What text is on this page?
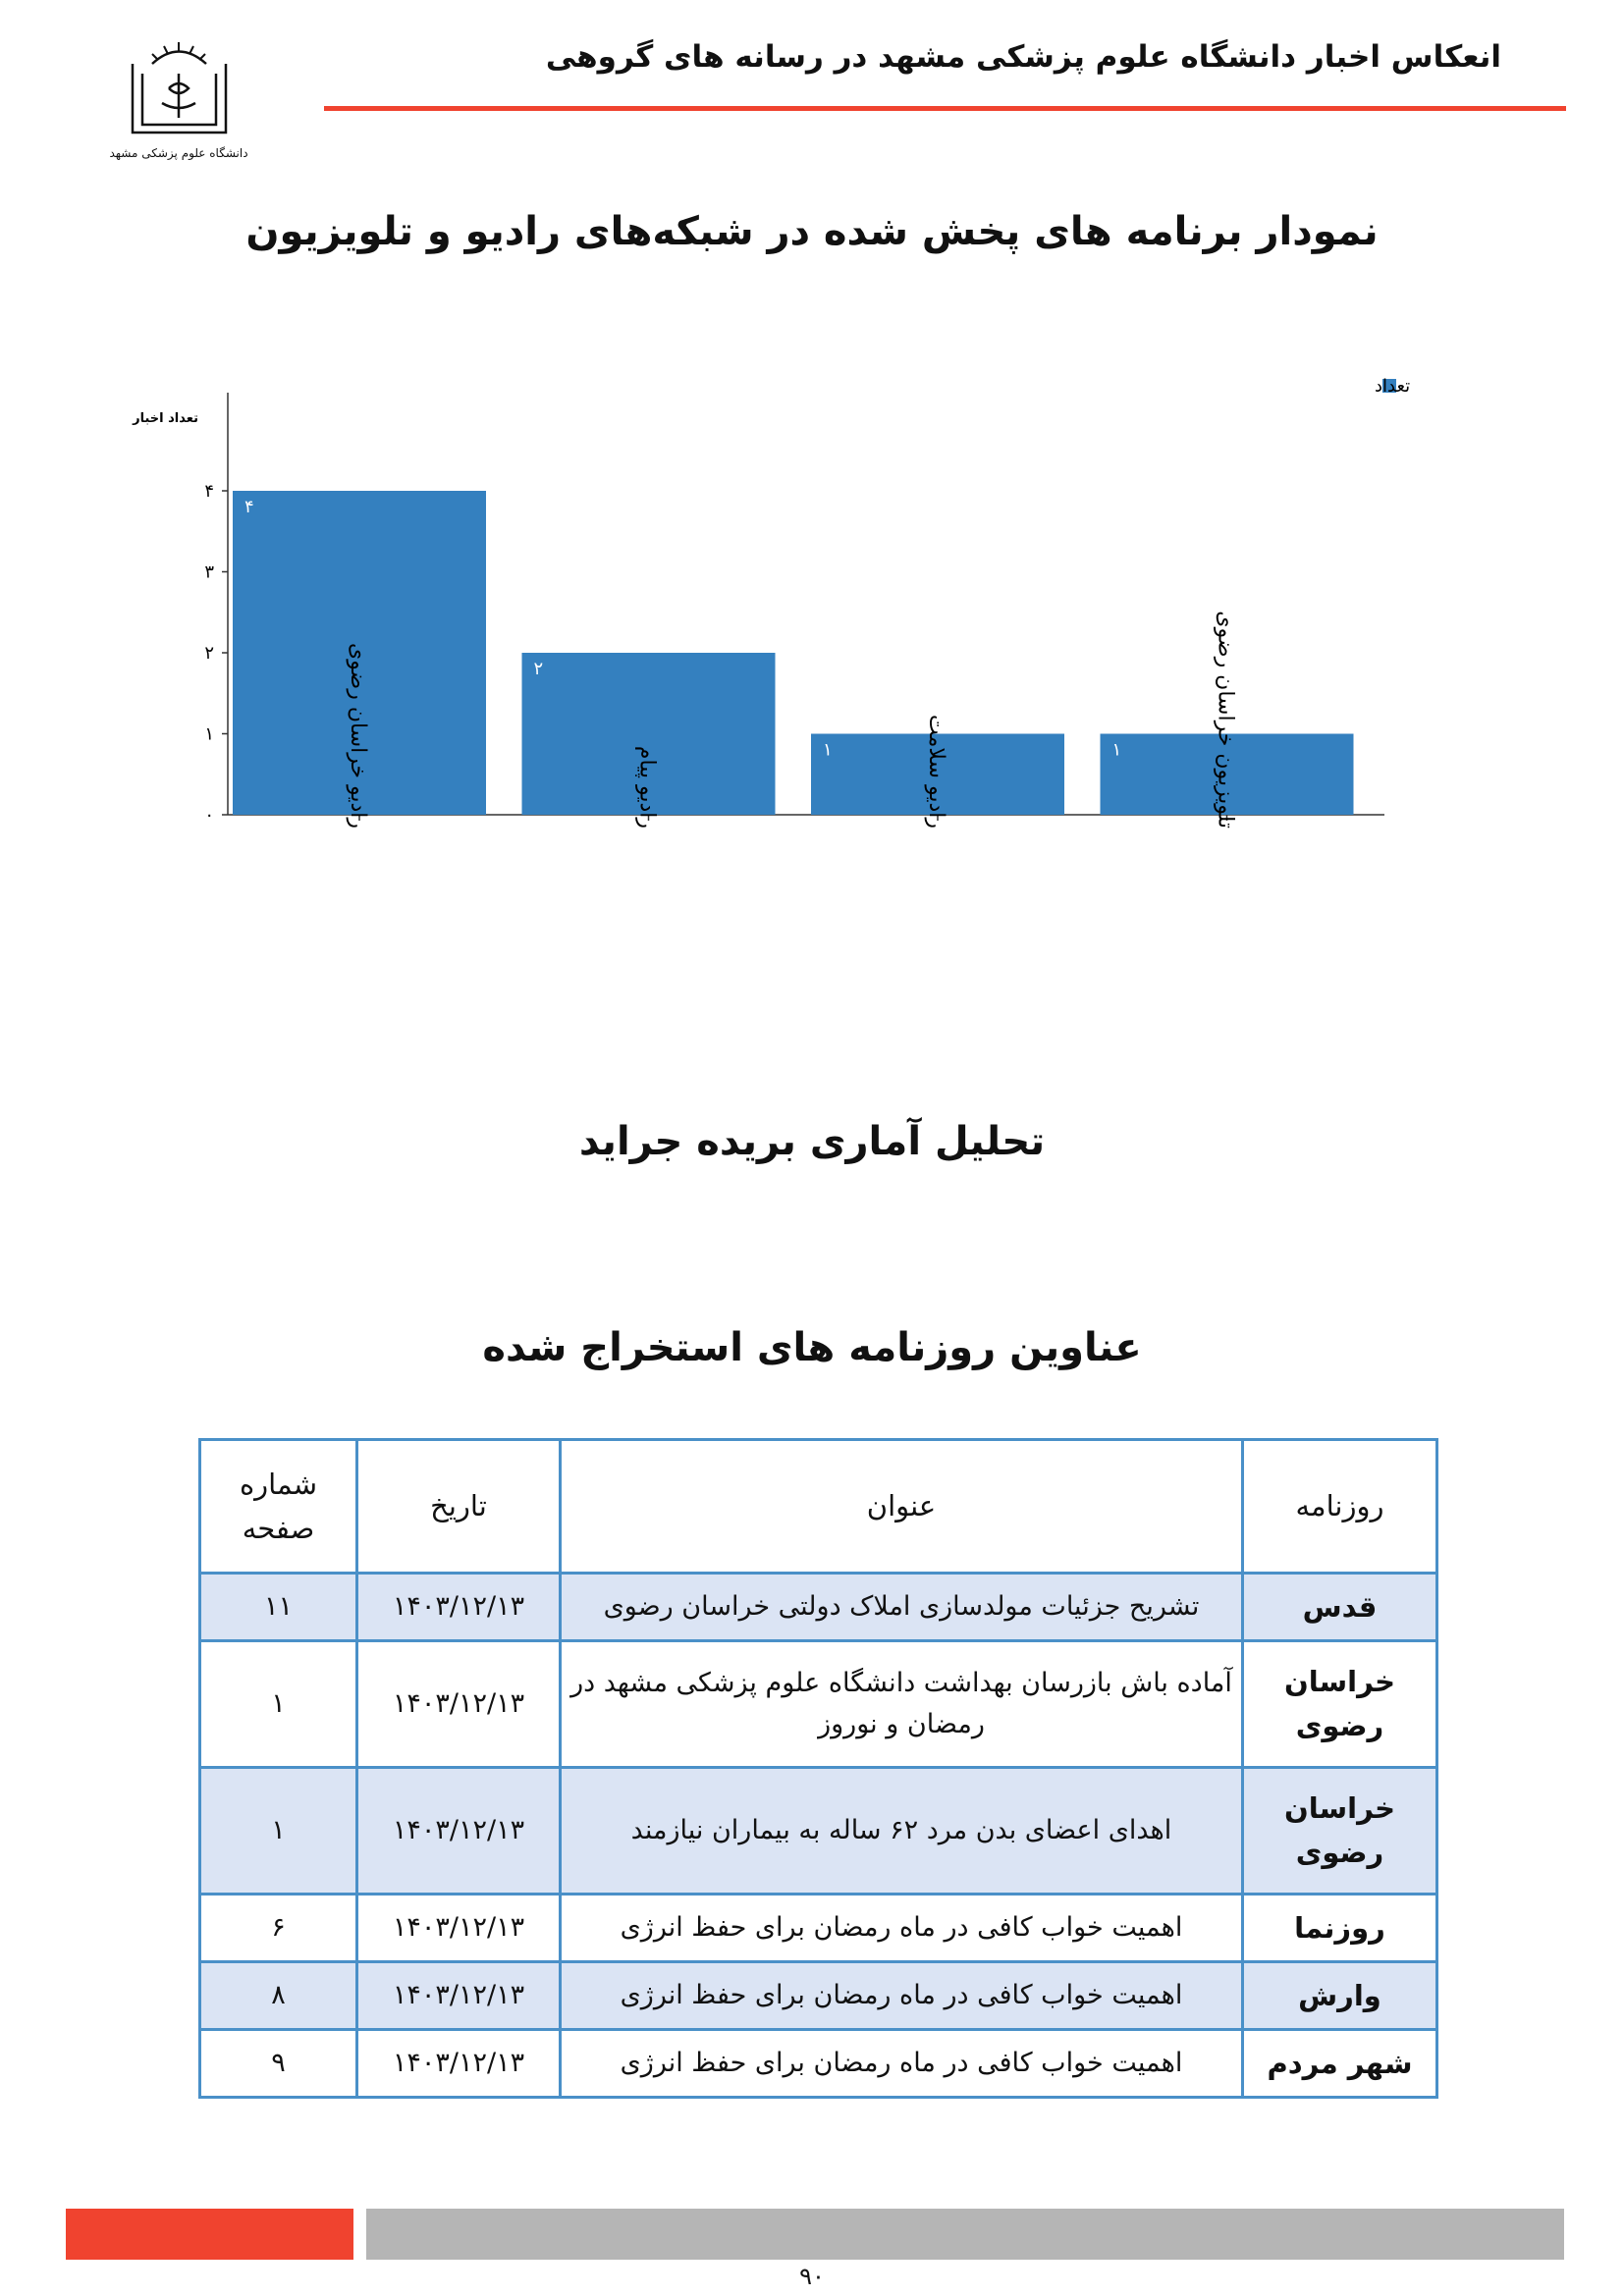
انعکاس اخبار دانشگاه علوم پزشکی مشهد در رسانه های گروهی
دانشگاه علوم پزشکی مشهد
نمودار برنامه های پخش شده در شبکه‌های رادیو و تلویزیون
تعداد اخبار
۰
۱
۲
۳
۴
۴
رادیو خراسان رضوی	۲
رادیو پیام	۱	رادیو سلامت	۱	تلویزیون خراسان رضوی
تعداد
تحلیل آماری بریده جراید
عناوین روزنامه های استخراج شده
روزنامه	عنوان	تاریخ	شماره صفحه
قدس	تشریح جزئیات مولدسازی املاک دولتی خراسان رضوی	۱۴۰۳/۱۲/۱۳	۱۱
خراسان رضوی	آماده باش بازرسان بهداشت دانشگاه علوم پزشکی مشهد در رمضان و نوروز	۱۴۰۳/۱۲/۱۳	۱
خراسان رضوی	اهدای اعضای بدن مرد ۶۲ ساله به بیماران نیازمند	۱۴۰۳/۱۲/۱۳	۱
روزنما	اهمیت خواب کافی در ماه رمضان برای حفظ انرژی	۱۴۰۳/۱۲/۱۳	۶
وارش	اهمیت خواب کافی در ماه رمضان برای حفظ انرژی	۱۴۰۳/۱۲/۱۳	۸
شهر مردم	اهمیت خواب کافی در ماه رمضان برای حفظ انرژی	۱۴۰۳/۱۲/۱۳	۹
۹۰
